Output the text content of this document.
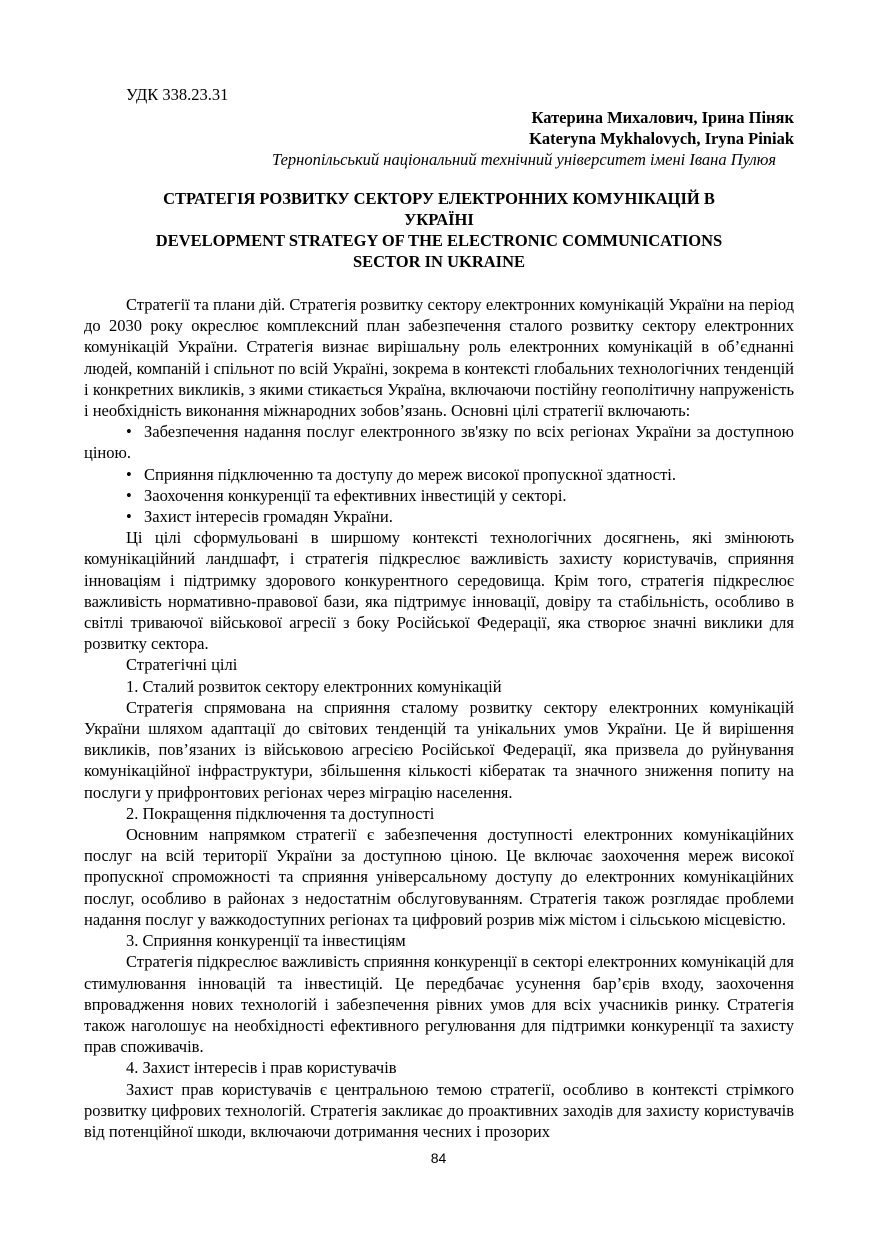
УДК 338.23.31
Катерина Михалович, Ірина Піняк
Kateryna Mykhalovych, Iryna Piniak
Тернопільський національний технічний університет імені Івана Пулюя
СТРАТЕГІЯ РОЗВИТКУ СЕКТОРУ ЕЛЕКТРОННИХ КОМУНІКАЦІЙ В
УКРАЇНІ
DEVELOPMENT STRATEGY OF THE ELECTRONIC COMMUNICATIONS
SECTOR IN UKRAINE

Стратегії та плани дій. Стратегія розвитку сектору електронних комунікацій України на період до 2030 року окреслює комплексний план забезпечення сталого розвитку сектору електронних комунікацій України. Стратегія визнає вирішальну роль електронних комунікацій в об’єднанні людей, компаній і спільнот по всій Україні, зокрема в контексті глобальних технологічних тенденцій і конкретних викликів, з якими стикається Україна, включаючи постійну геополітичну напруженість і необхідність виконання міжнародних зобов’язань. Основні цілі стратегії включають:

• Забезпечення надання послуг електронного зв'язку по всіх регіонах України за доступною ціною.
• Сприяння підключенню та доступу до мереж високої пропускної здатності.
• Заохочення конкуренції та ефективних інвестицій у секторі.
• Захист інтересів громадян України.

Ці цілі сформульовані в ширшому контексті технологічних досягнень, які змінюють комунікаційний ландшафт, і стратегія підкреслює важливість захисту користувачів, сприяння інноваціям і підтримку здорового конкурентного середовища. Крім того, стратегія підкреслює важливість нормативно-правової бази, яка підтримує інновації, довіру та стабільність, особливо в світлі триваючої військової агресії з боку Російської Федерації, яка створює значні виклики для розвитку сектора.

Стратегічні цілі

1. Сталий розвиток сектору електронних комунікацій

Стратегія спрямована на сприяння сталому розвитку сектору електронних комунікацій України шляхом адаптації до світових тенденцій та унікальних умов України. Це й вирішення викликів, пов’язаних із військовою агресією Російської Федерації, яка призвела до руйнування комунікаційної інфраструктури, збільшення кількості кібератак та значного зниження попиту на послуги у прифронтових регіонах через міграцію населення.

2. Покращення підключення та доступності

Основним напрямком стратегії є забезпечення доступності електронних комунікаційних послуг на всій території України за доступною ціною. Це включає заохочення мереж високої пропускної спроможності та сприяння універсальному доступу до електронних комунікаційних послуг, особливо в районах з недостатнім обслуговуванням. Стратегія також розглядає проблеми надання послуг у важкодоступних регіонах та цифровий розрив між містом і сільською місцевістю.

3. Сприяння конкуренції та інвестиціям

Стратегія підкреслює важливість сприяння конкуренції в секторі електронних комунікацій для стимулювання інновацій та інвестицій. Це передбачає усунення бар’єрів входу, заохочення впровадження нових технологій і забезпечення рівних умов для всіх учасників ринку. Стратегія також наголошує на необхідності ефективного регулювання для підтримки конкуренції та захисту прав споживачів.

4. Захист інтересів і прав користувачів

Захист прав користувачів є центральною темою стратегії, особливо в контексті стрімкого розвитку цифрових технологій. Стратегія закликає до проактивних заходів для захисту користувачів від потенційної шкоди, включаючи дотримання чесних і прозорих

84
